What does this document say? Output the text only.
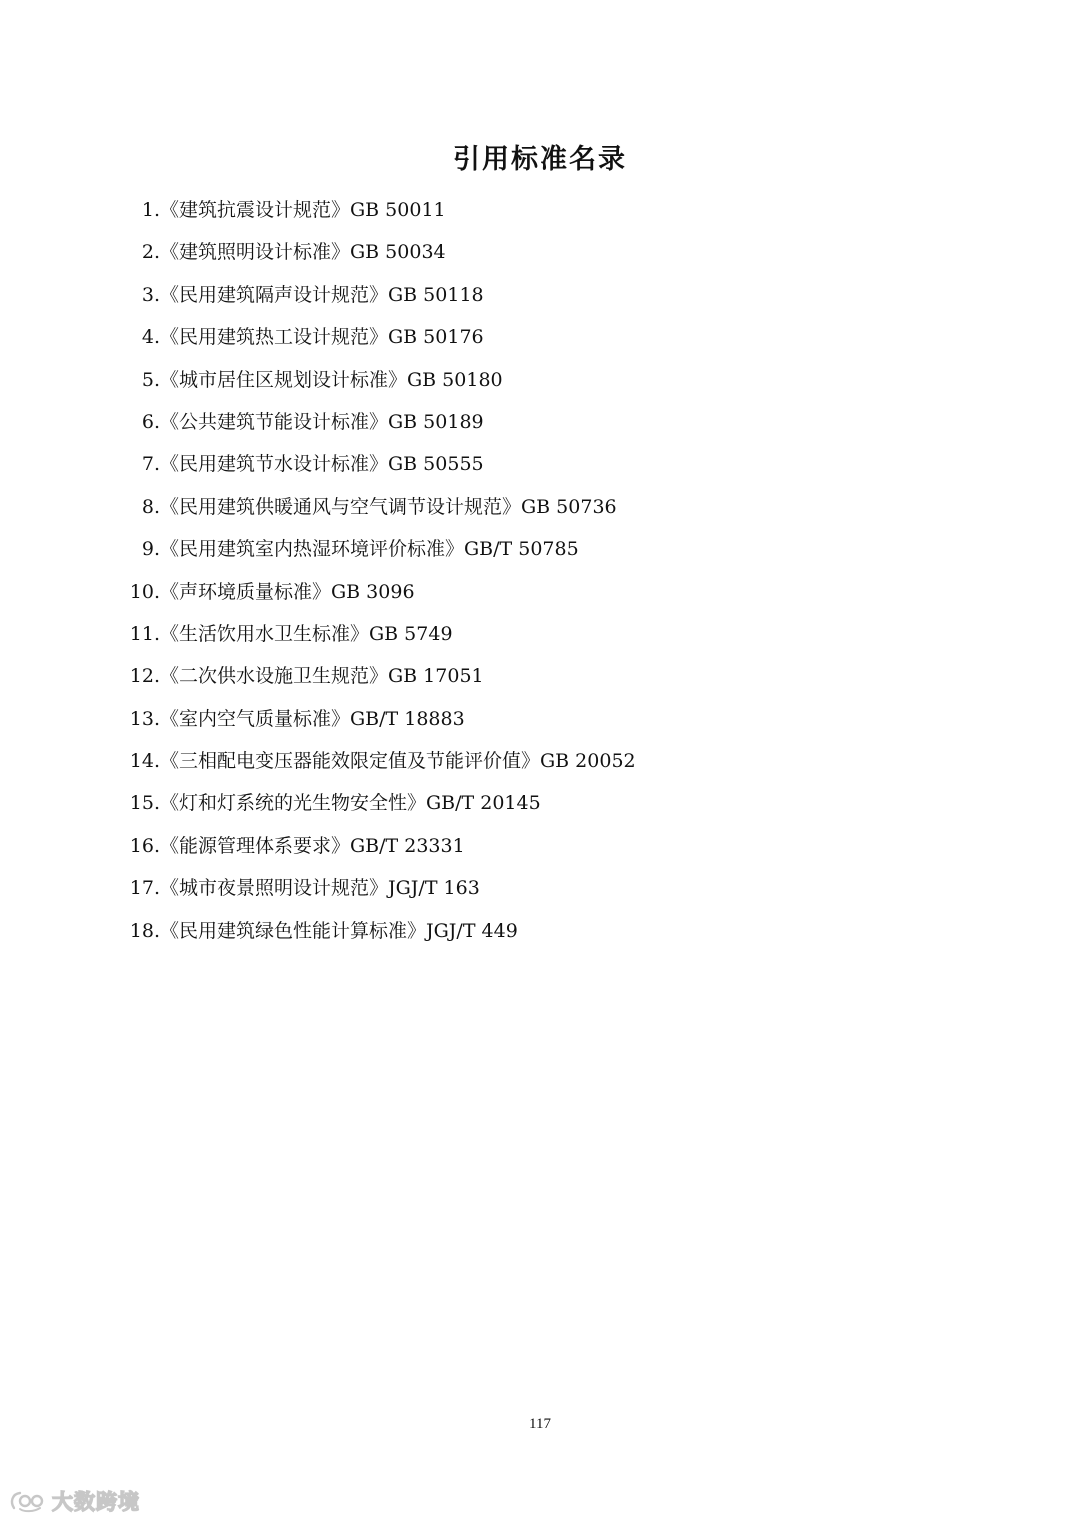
引用标准名录
1.《建筑抗震设计规范》GB 50011
2.《建筑照明设计标准》GB 50034
3.《民用建筑隔声设计规范》GB 50118
4.《民用建筑热工设计规范》GB 50176
5.《城市居住区规划设计标准》GB 50180
6.《公共建筑节能设计标准》GB 50189
7.《民用建筑节水设计标准》GB 50555
8.《民用建筑供暖通风与空气调节设计规范》GB 50736
9.《民用建筑室内热湿环境评价标准》GB/T 50785
10.《声环境质量标准》GB 3096
11.《生活饮用水卫生标准》GB 5749
12.《二次供水设施卫生规范》GB 17051
13.《室内空气质量标准》GB/T 18883
14.《三相配电变压器能效限定值及节能评价值》GB 20052
15.《灯和灯系统的光生物安全性》GB/T 20145
16.《能源管理体系要求》GB/T 23331
17.《城市夜景照明设计规范》JGJ/T 163
18.《民用建筑绿色性能计算标准》JGJ/T 449
117
大数跨境
